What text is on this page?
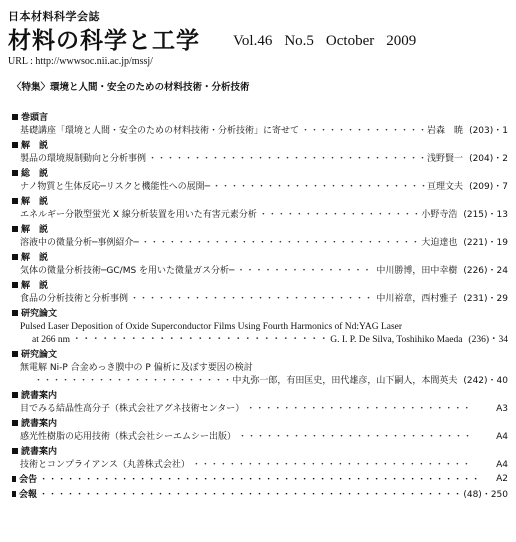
日本材料科学会誌
材料の科学と工学 Vol.46 No.5 October 2009
URL : http://wwwsoc.nii.ac.jp/mssj/
〈特集〉環境と人間・安全のための材料技術・分析技術
巻頭言
基礎講座「環境と人間・安全のための材料技術・分析技術」に寄せて ・・・・・・・・・・・・・・・・・・・・・・・・・・・・・・・・・・・・・・・・・・・・・・・・・・・・・・・・・・・・・・・・	岩森　暁 (203)・1
解　説
製品の環境規制動向と分析事例 ・・・・・・・・・・・・・・・・・・・・・・・・・・・・・・・・・・・・・・・・・・・・・・・・・・・・・・・・・・・・・・・・	浅野賢一 (204)・2
総　説
ナノ物質と生体反応─リスクと機能性への展開─ ・・・・・・・・・・・・・・・・・・・・・・・・・・・・・・・・・・・・・・・・・・・・・・・・・・・・・・・・・・・・・・・・	亘理文夫 (209)・7
解　説
エネルギー分散型蛍光 X 線分析装置を用いた有害元素分析 ・・・・・・・・・・・・・・・・・・・・・・・・・・・・・・・・・・・・・・・・・・・・・・・・・・・・・・・・・・・・・・・・	小野寺浩 (215)・13
解　説
溶液中の微量分析─事例紹介─ ・・・・・・・・・・・・・・・・・・・・・・・・・・・・・・・・・・・・・・・・・・・・・・・・・・・・・・・・・・・・・・・・	大迫達也 (221)・19
解　説
気体の微量分析技術─GC/MS を用いた微量ガス分析─ ・・・・・・・・・・・・・・・・・・・・・・・・・・・・・・・・・・・・・・・・・・・・・・・・・・・・・・・・・・・・・・・・	中川勝博，田中幸樹 (226)・24
解　説
食品の分析技術と分析事例 ・・・・・・・・・・・・・・・・・・・・・・・・・・・・・・・・・・・・・・・・・・・・・・・・・・・・・・・・・・・・・・・・	中川裕章，西村雅子 (231)・29
研究論文
Pulsed Laser Deposition of Oxide Superconductor Films Using Fourth Harmonics of Nd:YAG Laser
at 266 nm ・・・・・・・・・・・・・・・・・・・・・・・・・・・・・・・・・・・・・・・・・・・・・・・・・・・・・・・・・・・・・・・・	G. I. P. De Silva, Toshihiko Maeda (236)・34
研究論文
無電解 Ni-P 合金めっき膜中の P 偏析に及ぼす要因の検討
・・・・・・・・・・・・・・・・・・・・・・・・・・・・・・・・・・・・・・・・・・・・・・・・・・・・・・・・・・・・・・・・
中丸弥一郎，有田匡史，田代雄彦，山下嗣人，本間英夫 (242)・40
読書案内
目でみる結晶性高分子（株式会社アグネ技術センター） ・・・・・・・・・・・・・・・・・・・・・・・・・・・・・・・・・・・・・・・・・・・・・・・・・・・・・・・・・・・・・・・・	A3
読書案内
感光性樹脂の応用技術（株式会社シーエムシー出版） ・・・・・・・・・・・・・・・・・・・・・・・・・・・・・・・・・・・・・・・・・・・・・・・・・・・・・・・・・・・・・・・・	A4
読書案内
技術とコンプライアンス（丸善株式会社） ・・・・・・・・・・・・・・・・・・・・・・・・・・・・・・・・・・・・・・・・・・・・・・・・・・・・・・・・・・・・・・・・	A4
会告 ・・・・・・・・・・・・・・・・・・・・・・・・・・・・・・・・・・・・・・・・・・・・・・・・・・・・・・・・・・・・・・・・・・・・・・・	A2
会報 ・・・・・・・・・・・・・・・・・・・・・・・・・・・・・・・・・・・・・・・・・・・・・・・・・・・・・・・・・・・・・・・・・・・・・・・	(48)・250
